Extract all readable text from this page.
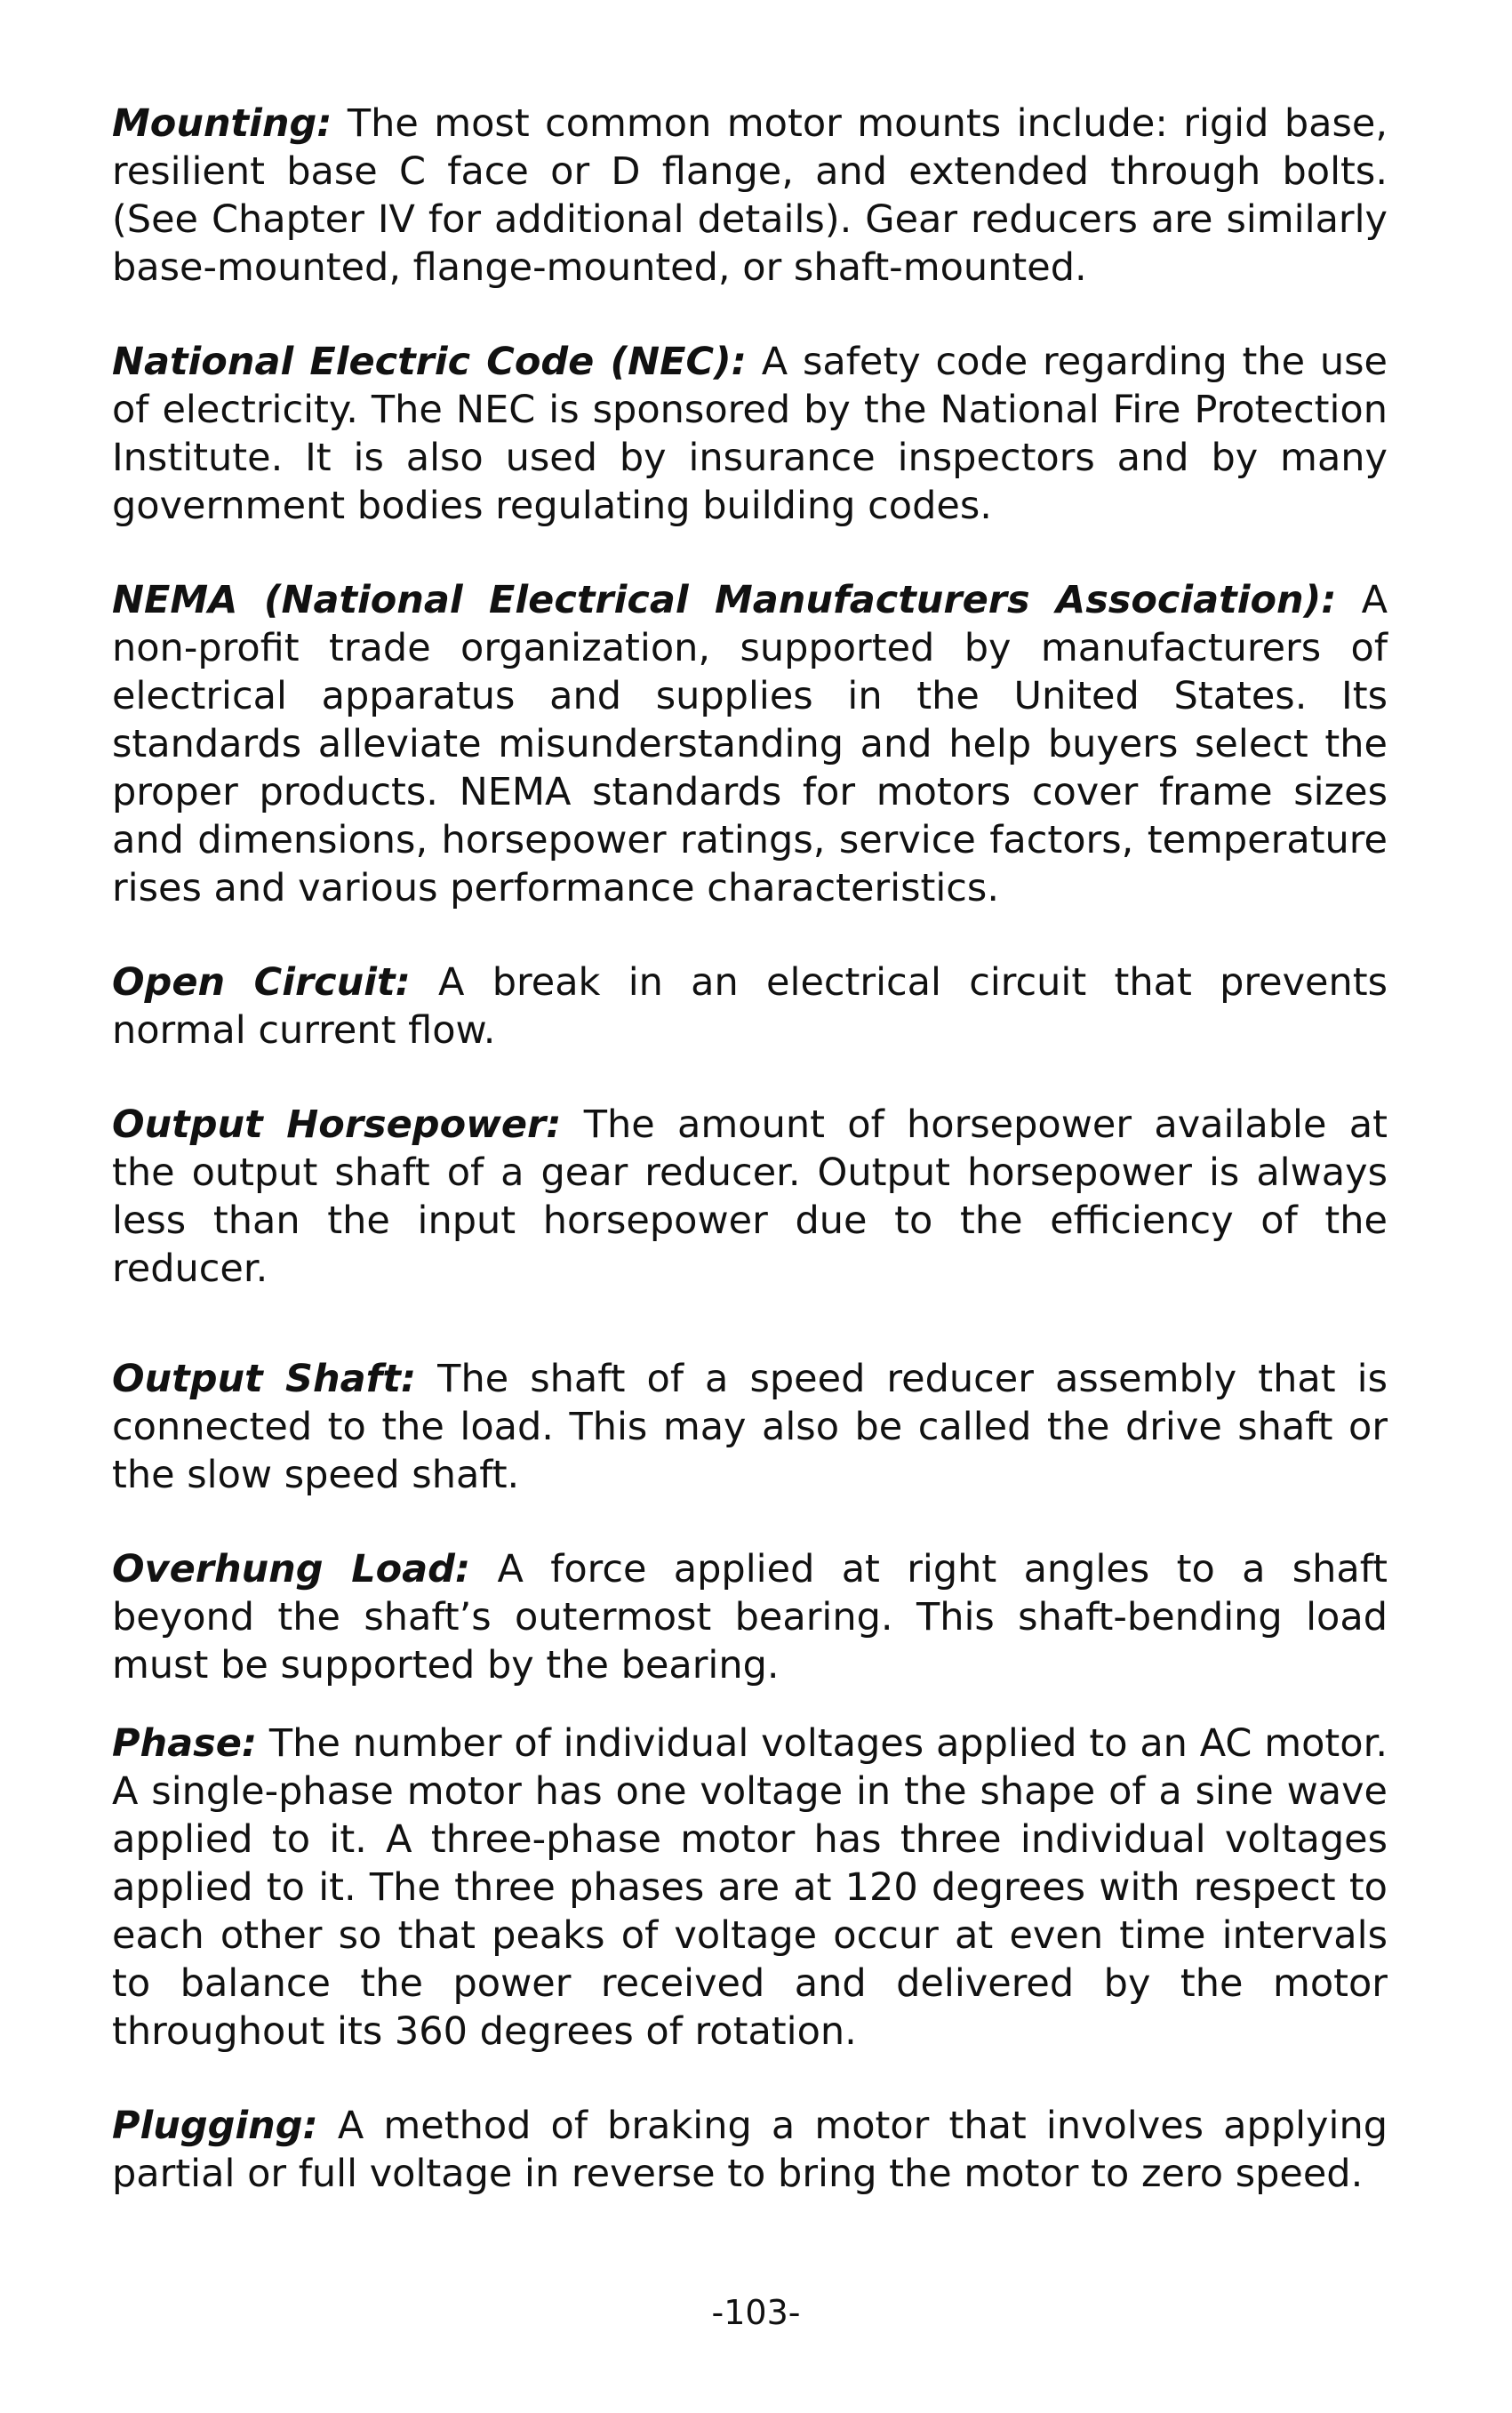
Mounting: The most common motor mounts include: rigid base, resilient base C face or D flange, and extended through bolts. (See Chapter IV for additional details). Gear reducers are similarly base-mounted, flange-mounted, or shaft-mounted.

National Electric Code (NEC): A safety code regarding the use of electricity. The NEC is sponsored by the National Fire Protection Institute. It is also used by insurance inspectors and by many government bodies regulating building codes.

NEMA (National Electrical Manufacturers Association): A non-profit trade organization, supported by manufacturers of electrical apparatus and supplies in the United States. Its standards alleviate misunderstanding and help buyers select the proper products. NEMA standards for motors cover frame sizes and dimensions, horsepower ratings, service factors, temperature rises and various performance characteristics.

Open Circuit: A break in an electrical circuit that prevents normal current flow.

Output Horsepower: The amount of horsepower available at the output shaft of a gear reducer. Output horsepower is always less than the input horsepower due to the efficiency of the reducer.

Output Shaft: The shaft of a speed reducer assembly that is connected to the load. This may also be called the drive shaft or the slow speed shaft.

Overhung Load: A force applied at right angles to a shaft beyond the shaft’s outermost bearing. This shaft-bending load must be supported by the bearing.

Phase: The number of individual voltages applied to an AC motor. A single-phase motor has one voltage in the shape of a sine wave applied to it. A three-phase motor has three individual voltages applied to it. The three phases are at 120 degrees with respect to each other so that peaks of voltage occur at even time intervals to balance the power received and delivered by the motor throughout its 360 degrees of rotation.

Plugging: A method of braking a motor that involves applying partial or full voltage in reverse to bring the motor to zero speed.

-103-
